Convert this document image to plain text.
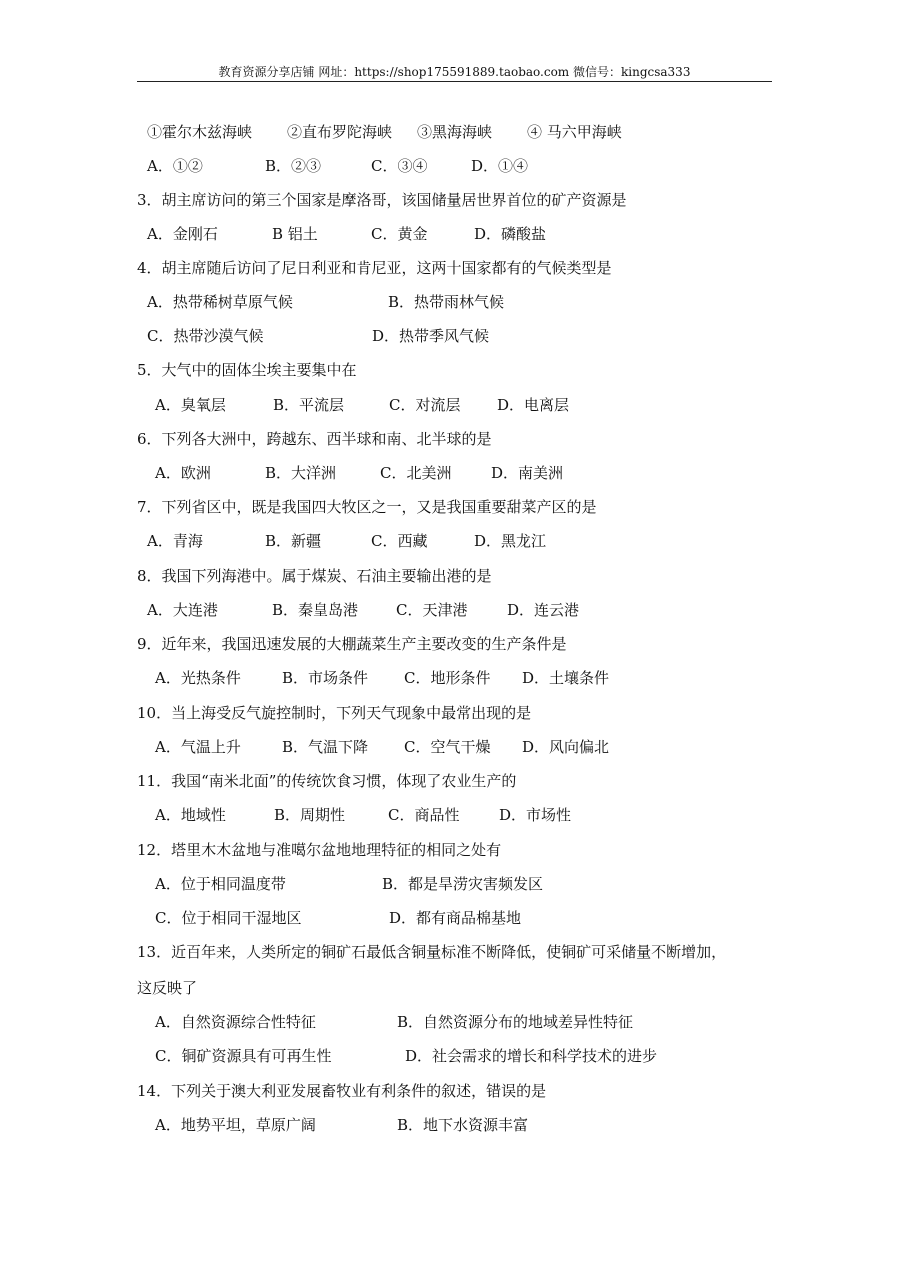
教育资源分享店铺 网址：https://shop175591889.taobao.com 微信号：kingcsa333
①霍尔木兹海峡 ②直布罗陀海峡 ③黑海海峡 ④ 马六甲海峡
A．①②	B．②③	C．③④	D．①④
3．胡主席访问的第三个国家是摩洛哥，该国储量居世界首位的矿产资源是
A．金刚石	B 铝土	C．黄金	D．磷酸盐
4．胡主席随后访问了尼日利亚和肯尼亚，这两十国家都有的气候类型是
A．热带稀树草原气候	B．热带雨林气候
C．热带沙漠气候	D．热带季风气候
5．大气中的固体尘埃主要集中在
A．臭氧层	B．平流层	C．对流层 D．电离层
6．下列各大洲中，跨越东、西半球和南、北半球的是
A．欧洲	B．大洋洲	C．北美洲	D．南美洲
7．下列省区中，既是我国四大牧区之一，又是我国重要甜菜产区的是
A．青海	B．新疆	C．西藏	D．黑龙江
8．我国下列海港中。属于煤炭、石油主要输出港的是
A．大连港	B．秦皇岛港	C．天津港	D．连云港
9．近年来，我国迅速发展的大棚蔬菜生产主要改变的生产条件是
A．光热条件	B．市场条件 C．地形条件 D．土壤条件
10．当上海受反气旋控制时，下列天气现象中最常出现的是
A．气温上升	B．气温下降 C．空气干燥 D．风向偏北
11．我国“南米北面”的传统饮食习惯，体现了农业生产的
A．地域性	B．周期性	C．商品性	D．市场性
12．塔里木木盆地与准噶尔盆地地理特征的相同之处有
A．位于相同温度带	B．都是旱涝灾害频发区
C．位于相同干湿地区	D．都有商品棉基地
13．近百年来，人类所定的铜矿石最低含铜量标准不断降低，使铜矿可采储量不断增加，
这反映了
A．自然资源综合性特征	B．自然资源分布的地域差异性特征
C．铜矿资源具有可再生性	D．社会需求的增长和科学技术的进步
14．下列关于澳大利亚发展畜牧业有利条件的叙述，错误的是
A．地势平坦，草原广阔	B．地下水资源丰富
